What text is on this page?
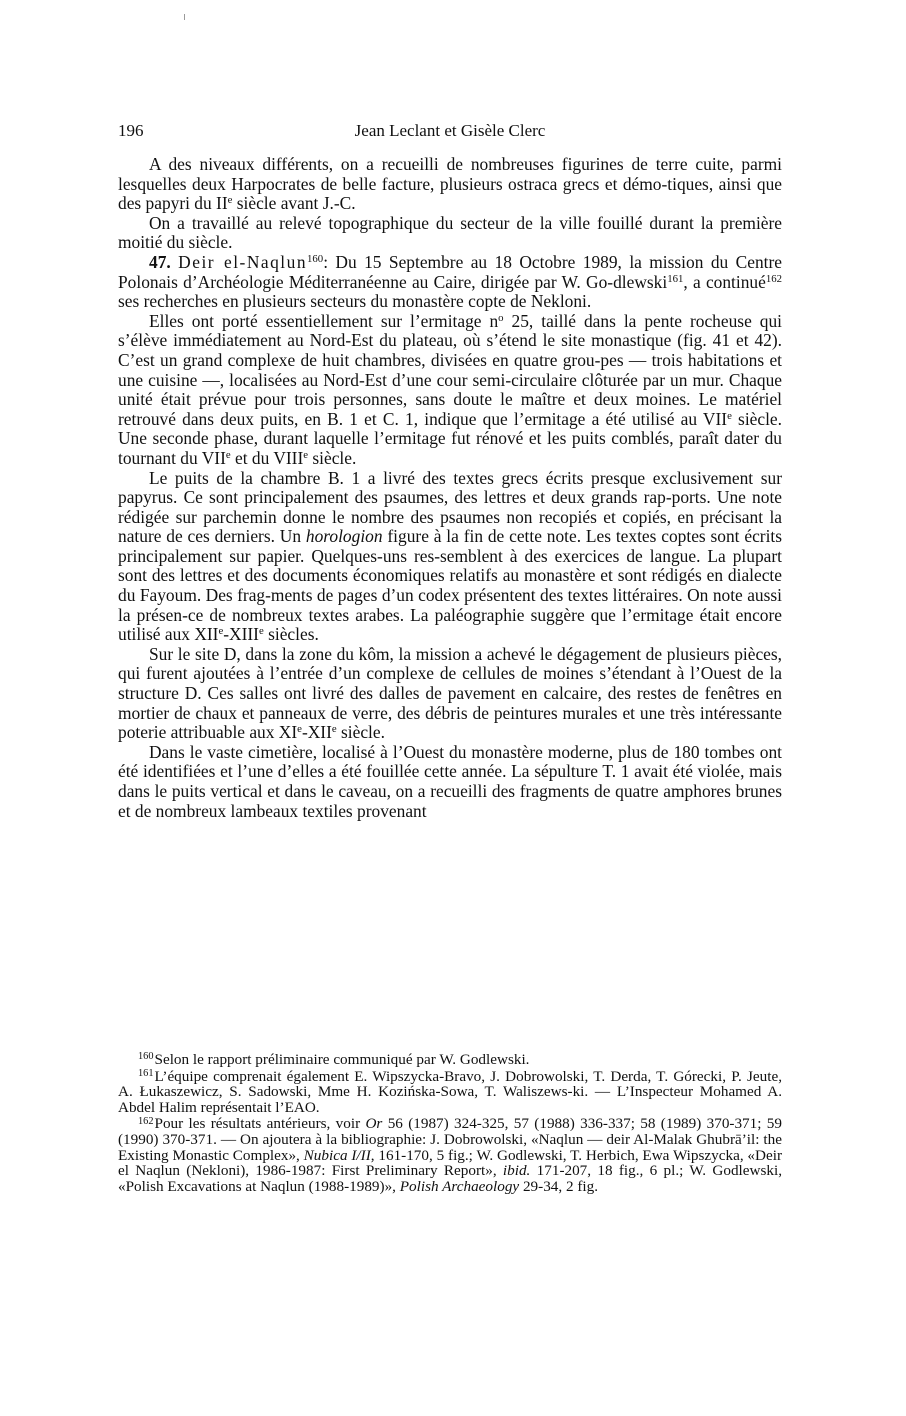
196	Jean Leclant et Gisèle Clerc

A des niveaux différents, on a recueilli de nombreuses figurines de terre cuite, parmi lesquelles deux Harpocrates de belle facture, plusieurs ostraca grecs et démo-tiques, ainsi que des papyri du IIe siècle avant J.-C.

On a travaillé au relevé topographique du secteur de la ville fouillé durant la première moitié du siècle.

47. Deir el-Naqlun$^{160}$: Du 15 Septembre au 18 Octobre 1989, la mission du Centre Polonais d’Archéologie Méditerranéenne au Caire, dirigée par W. Go-dlewski$^{161}$, a continué$^{162}$ ses recherches en plusieurs secteurs du monastère copte de Nekloni.

Elles ont porté essentiellement sur l’ermitage $n^o$ 25, taillé dans la pente rocheuse qui s’élève immédiatement au Nord-Est du plateau, où s’étend le site monastique (fig. 41 et 42). C’est un grand complexe de huit chambres, divisées en quatre grou-pes — trois habitations et une cuisine —, localisées au Nord-Est d’une cour semi-circulaire clôturée par un mur. Chaque unité était prévue pour trois personnes, sans doute le maître et deux moines. Le matériel retrouvé dans deux puits, en B. 1 et C. 1, indique que l’ermitage a été utilisé au VIIe siècle. Une seconde phase, durant laquelle l’ermitage fut rénové et les puits comblés, paraît dater du tournant du VIIe et du VIIIe siècle.

Le puits de la chambre B. 1 a livré des textes grecs écrits presque exclusivement sur papyrus. Ce sont principalement des psaumes, des lettres et deux grands rap-ports. Une note rédigée sur parchemin donne le nombre des psaumes non recopiés et copiés, en précisant la nature de ces derniers. Un horologion figure à la fin de cette note. Les textes coptes sont écrits principalement sur papier. Quelques-uns res-semblent à des exercices de langue. La plupart sont des lettres et des documents économiques relatifs au monastère et sont rédigés en dialecte du Fayoum. Des frag-ments de pages d’un codex présentent des textes littéraires. On note aussi la présen-ce de nombreux textes arabes. La paléographie suggère que l’ermitage était encore utilisé aux XIIe-XIIIe siècles.

Sur le site D, dans la zone du kôm, la mission a achevé le dégagement de plusieurs pièces, qui furent ajoutées à l’entrée d’un complexe de cellules de moines s’étendant à l’Ouest de la structure D. Ces salles ont livré des dalles de pavement en calcaire, des restes de fenêtres en mortier de chaux et panneaux de verre, des débris de peintures murales et une très intéressante poterie attribuable aux XIe-XIIe siècle.

Dans le vaste cimetière, localisé à l’Ouest du monastère moderne, plus de 180 tombes ont été identifiées et l’une d’elles a été fouillée cette année. La sépulture T. 1 avait été violée, mais dans le puits vertical et dans le caveau, on a recueilli des fragments de quatre amphores brunes et de nombreux lambeaux textiles provenant

$^{160}$Selon le rapport préliminaire communiqué par W. Godlewski.

$^{161}$L’équipe comprenait également E. Wipszycka-Bravo, J. Dobrowolski, T. Derda, T. Górecki, P. Jeute, A. Łukaszewicz, S. Sadowski, Mme H. Kozińska-Sowa, T. Waliszews-ki. — L’Inspecteur Mohamed A. Abdel Halim représentait l’EAO.

$^{162}$Pour les résultats antérieurs, voir Or 56 (1987) 324-325, 57 (1988) 336-337; 58 (1989) 370-371; 59 (1990) 370-371. — On ajoutera à la bibliographie: J. Dobrowolski, «Naqlun — deir Al-Malak Ghubrā’il: the Existing Monastic Complex», Nubica I/II, 161-170, 5 fig.; W. Godlewski, T. Herbich, Ewa Wipszycka, «Deir el Naqlun (Nekloni), 1986-1987: First Preliminary Report», ibid. 171-207, 18 fig., 6 pl.; W. Godlewski, «Polish Excavations at Naqlun (1988-1989)», Polish Archaeology 29-34, 2 fig.
